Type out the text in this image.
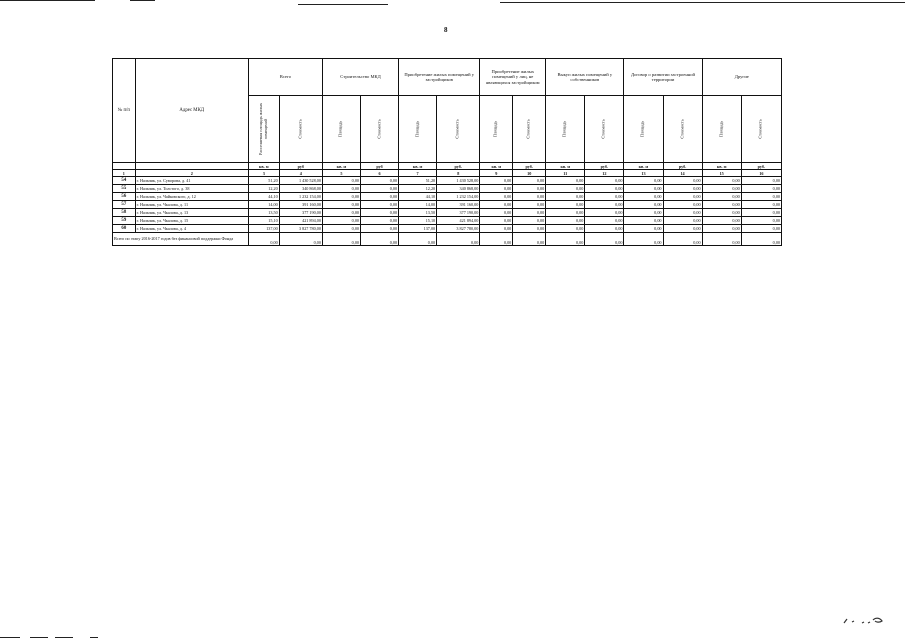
8
№ п/п	Адрес МКД	Всего		Строительство МКД		Приобретение жилых помещений у застройщиков		Приобретение жилых помещений у лиц, не являющихся застройщиком		Выкуп жилых помещений у собственников		Договор о развитии застроенной территории		Другие	

		Расселяемая площадь жилых помещений	Стоимость	Площадь	Стоимость	Площадь	Стоимость	Площадь	Стоимость	Площадь	Стоимость	Площадь	Стоимость	Площадь	Стоимость

		кв. м	руб	кв. м	руб	кв. м	руб.	кв. м	руб.	кв. м	руб.	кв. м	руб.	кв. м	руб.
1	2	3	4	5	6	7	8	9	10	11	12	13	14	15	16
54	г. Нальчик, ул. Суворова, д. 41	51,20	1 430 528,00	0,00	0,00	51,20	1 430 528,00	0,00	0,00	0,00	0,00	0,00	0,00	0,00	0,00
55	г. Нальчик, ул. Толстого, д. 38	12,20	340 868,00	0,00	0,00	12,20	340 868,00	0,00	0,00	0,00	0,00	0,00	0,00	0,00	0,00
56	г. Нальчик, ул. Чайковского, д. 12	44,10	1 232 154,00	0,00	0,00	44,10	1 232 154,00	0,00	0,00	0,00	0,00	0,00	0,00	0,00	0,00
57	г. Нальчик, ул. Чкалова, д. 11	14,00	391 160,00	0,00	0,00	14,00	391 160,00	0,00	0,00	0,00	0,00	0,00	0,00	0,00	0,00
58	г. Нальчик, ул. Чкалова, д. 13	13,50	377 190,00	0,00	0,00	13,50	377 190,00	0,00	0,00	0,00	0,00	0,00	0,00	0,00	0,00
59	г. Нальчик, ул. Чкалова, д. 15	15,10	421 894,00	0,00	0,00	15,10	421 894,00	0,00	0,00	0,00	0,00	0,00	0,00	0,00	0,00
60	г. Нальчик, ул. Чкалова, д. 4	137,00	3 827 780,00	0,00	0,00	137,00	3 827 780,00	0,00	0,00	0,00	0,00	0,00	0,00	0,00	0,00
Всего по этапу 2016-2017 годов без финансовой поддержки Фонда		0,00	0,00	0,00	0,00	0,00	0,00	0,00	0,00	0,00	0,00	0,00	0,00	0,00	0,00
